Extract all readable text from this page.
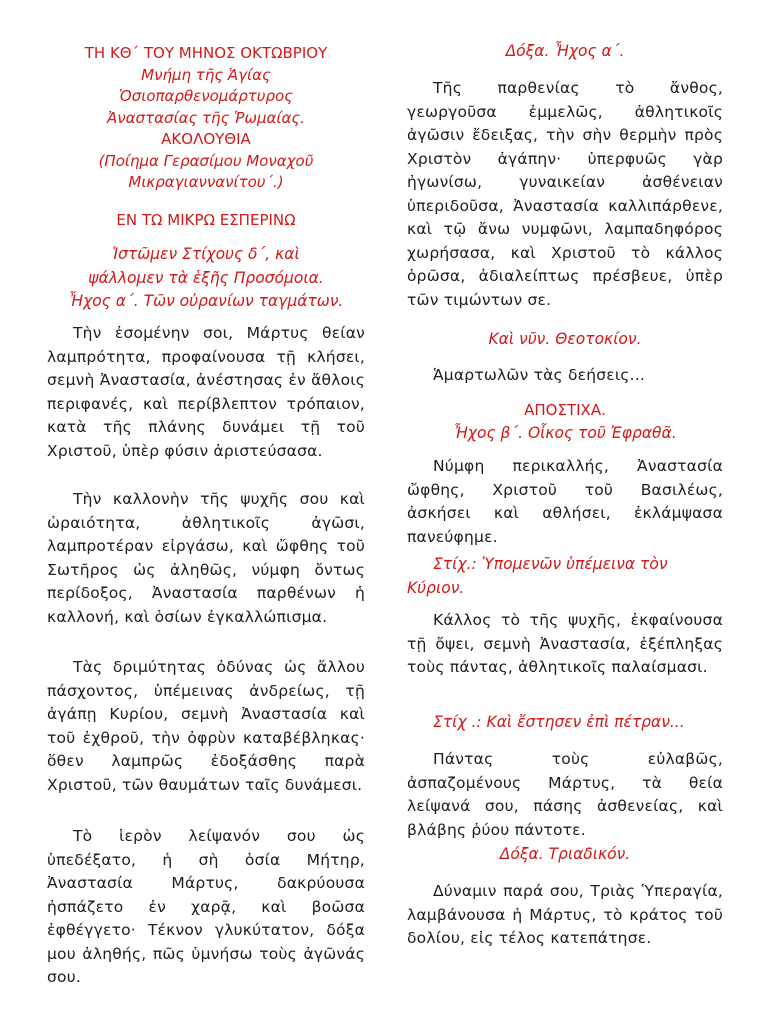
ΤΗ ΚΘ΄ ΤΟΥ ΜΗΝΟΣ ΟΚΤΩΒΡΙΟΥ

Μνήμη τῆς Ἁγίας

Ὁσιοπαρθενομάρτυρος

Ἀναστασίας τῆς Ῥωμαίας.

ΑΚΟΛΟΥΘΙΑ

(Ποίημα Γερασίμου Μοναχοῦ

Μικραγιαννανίτου΄.)

ΕΝ ΤΩ ΜΙΚΡΩ ΕΣΠΕΡΙΝΩ

Ἱστῶμεν Στίχους δ΄, καὶ

ψάλλομεν τὰ ἑξῆς Προσόμοια.

Ἦχος α΄. Τῶν οὐρανίων ταγμάτων.

Τὴν ἐσομένην σοι, Μάρτυς θείαν λαμπρότητα, προφαίνουσα τῇ κλήσει, σεμνὴ Ἀναστασία, ἀνέστησας ἐν ἄθλοις περιφανές, καὶ περίβλεπτον τρόπαιον, κατὰ τῆς πλάνης δυνάμει τῇ τοῦ Χριστοῦ, ὑπὲρ φύσιν ἀριστεύσασα.

Τὴν καλλονὴν τῆς ψυχῆς σου καὶ ὡραιότητα, ἀθλητικοῖς ἀγῶσι, λαμπροτέραν εἰργάσω, καὶ ὤφθης τοῦ Σωτῆρος ὡς ἀληθῶς, νύμφη ὄντως περίδοξος, Ἀναστασία παρθένων ἡ καλλονή, καὶ ὁσίων ἐγκαλλώπισμα.

Τὰς δριμύτητας ὀδύνας ὡς ἄλλου πάσχοντος, ὑπέμεινας ἀνδρείως, τῇ ἀγάπῃ Κυρίου, σεμνὴ Ἀναστασία καὶ τοῦ ἐχθροῦ, τὴν ὀφρὺν καταβέβληκας· ὅθεν λαμπρῶς ἐδοξάσθης παρὰ Χριστοῦ, τῶν θαυμάτων ταῖς δυνάμεσι.

Τὸ ἱερὸν λείψανόν σου ὡς ὑπεδέξατο, ἡ σὴ ὁσία Μήτηρ, Ἀναστασία Μάρτυς, δακρύουσα ἠσπάζετο ἐν χαρᾷ, καὶ βοῶσα ἐφθέγγετο· Τέκνον γλυκύτατον, δόξα μου ἀληθής, πῶς ὑμνήσω τοὺς ἀγῶνάς σου.

Δόξα. Ἦχος α΄.

Τῆς παρθενίας τὸ ἄνθος, γεωργοῦσα ἐμμελῶς, ἀθλητικοῖς ἀγῶσιν ἔδειξας, τὴν σὴν θερμὴν πρὸς Χριστὸν ἀγάπην· ὑπερφυῶς γὰρ ἠγωνίσω, γυναικείαν ἀσθένειαν ὑπεριδοῦσα, Ἀναστασία καλλιπάρθενε, καὶ τῷ ἄνω νυμφῶνι, λαμπαδηφόρος χωρήσασα, καὶ Χριστοῦ τὸ κάλλος ὁρῶσα, ἀδιαλείπτως πρέσβευε, ὑπὲρ τῶν τιμώντων σε.

Καὶ νῦν. Θεοτοκίον.

Ἁμαρτωλῶν τὰς δεήσεις...

ΑΠΟΣΤΙΧΑ.

Ἦχος β΄. Οἶκος τοῦ Ἐφραθᾶ.

Νύμφη περικαλλής, Ἀναστασία ὤφθης, Χριστοῦ τοῦ Βασιλέως, ἀσκήσει καὶ αθλήσει, ἐκλάμψασα πανεύφημε.

Στίχ.: Ὑπομενῶν ὑπέμεινα τὸν Κύριον.

Κάλλος τὸ τῆς ψυχῆς, ἐκφαίνουσα τῇ ὄψει, σεμνὴ Ἀναστασία, ἐξέπληξας τοὺς πάντας, ἀθλητικοῖς παλαίσμασι.

Στίχ .: Καὶ ἔστησεν ἐπὶ πέτραν...

Πάντας τοὺς εὐλαβῶς, ἀσπαζομένους Μάρτυς, τὰ θεία λείψανά σου, πάσης ἀσθενείας, καὶ βλάβης ῥύου πάντοτε.

Δόξα. Τριαδικόν.

Δύναμιν παρά σου, Τριὰς Ὑπεραγία, λαμβάνουσα ἡ Μάρτυς, τὸ κράτος τοῦ δολίου, εἰς τέλος κατεπάτησε.
